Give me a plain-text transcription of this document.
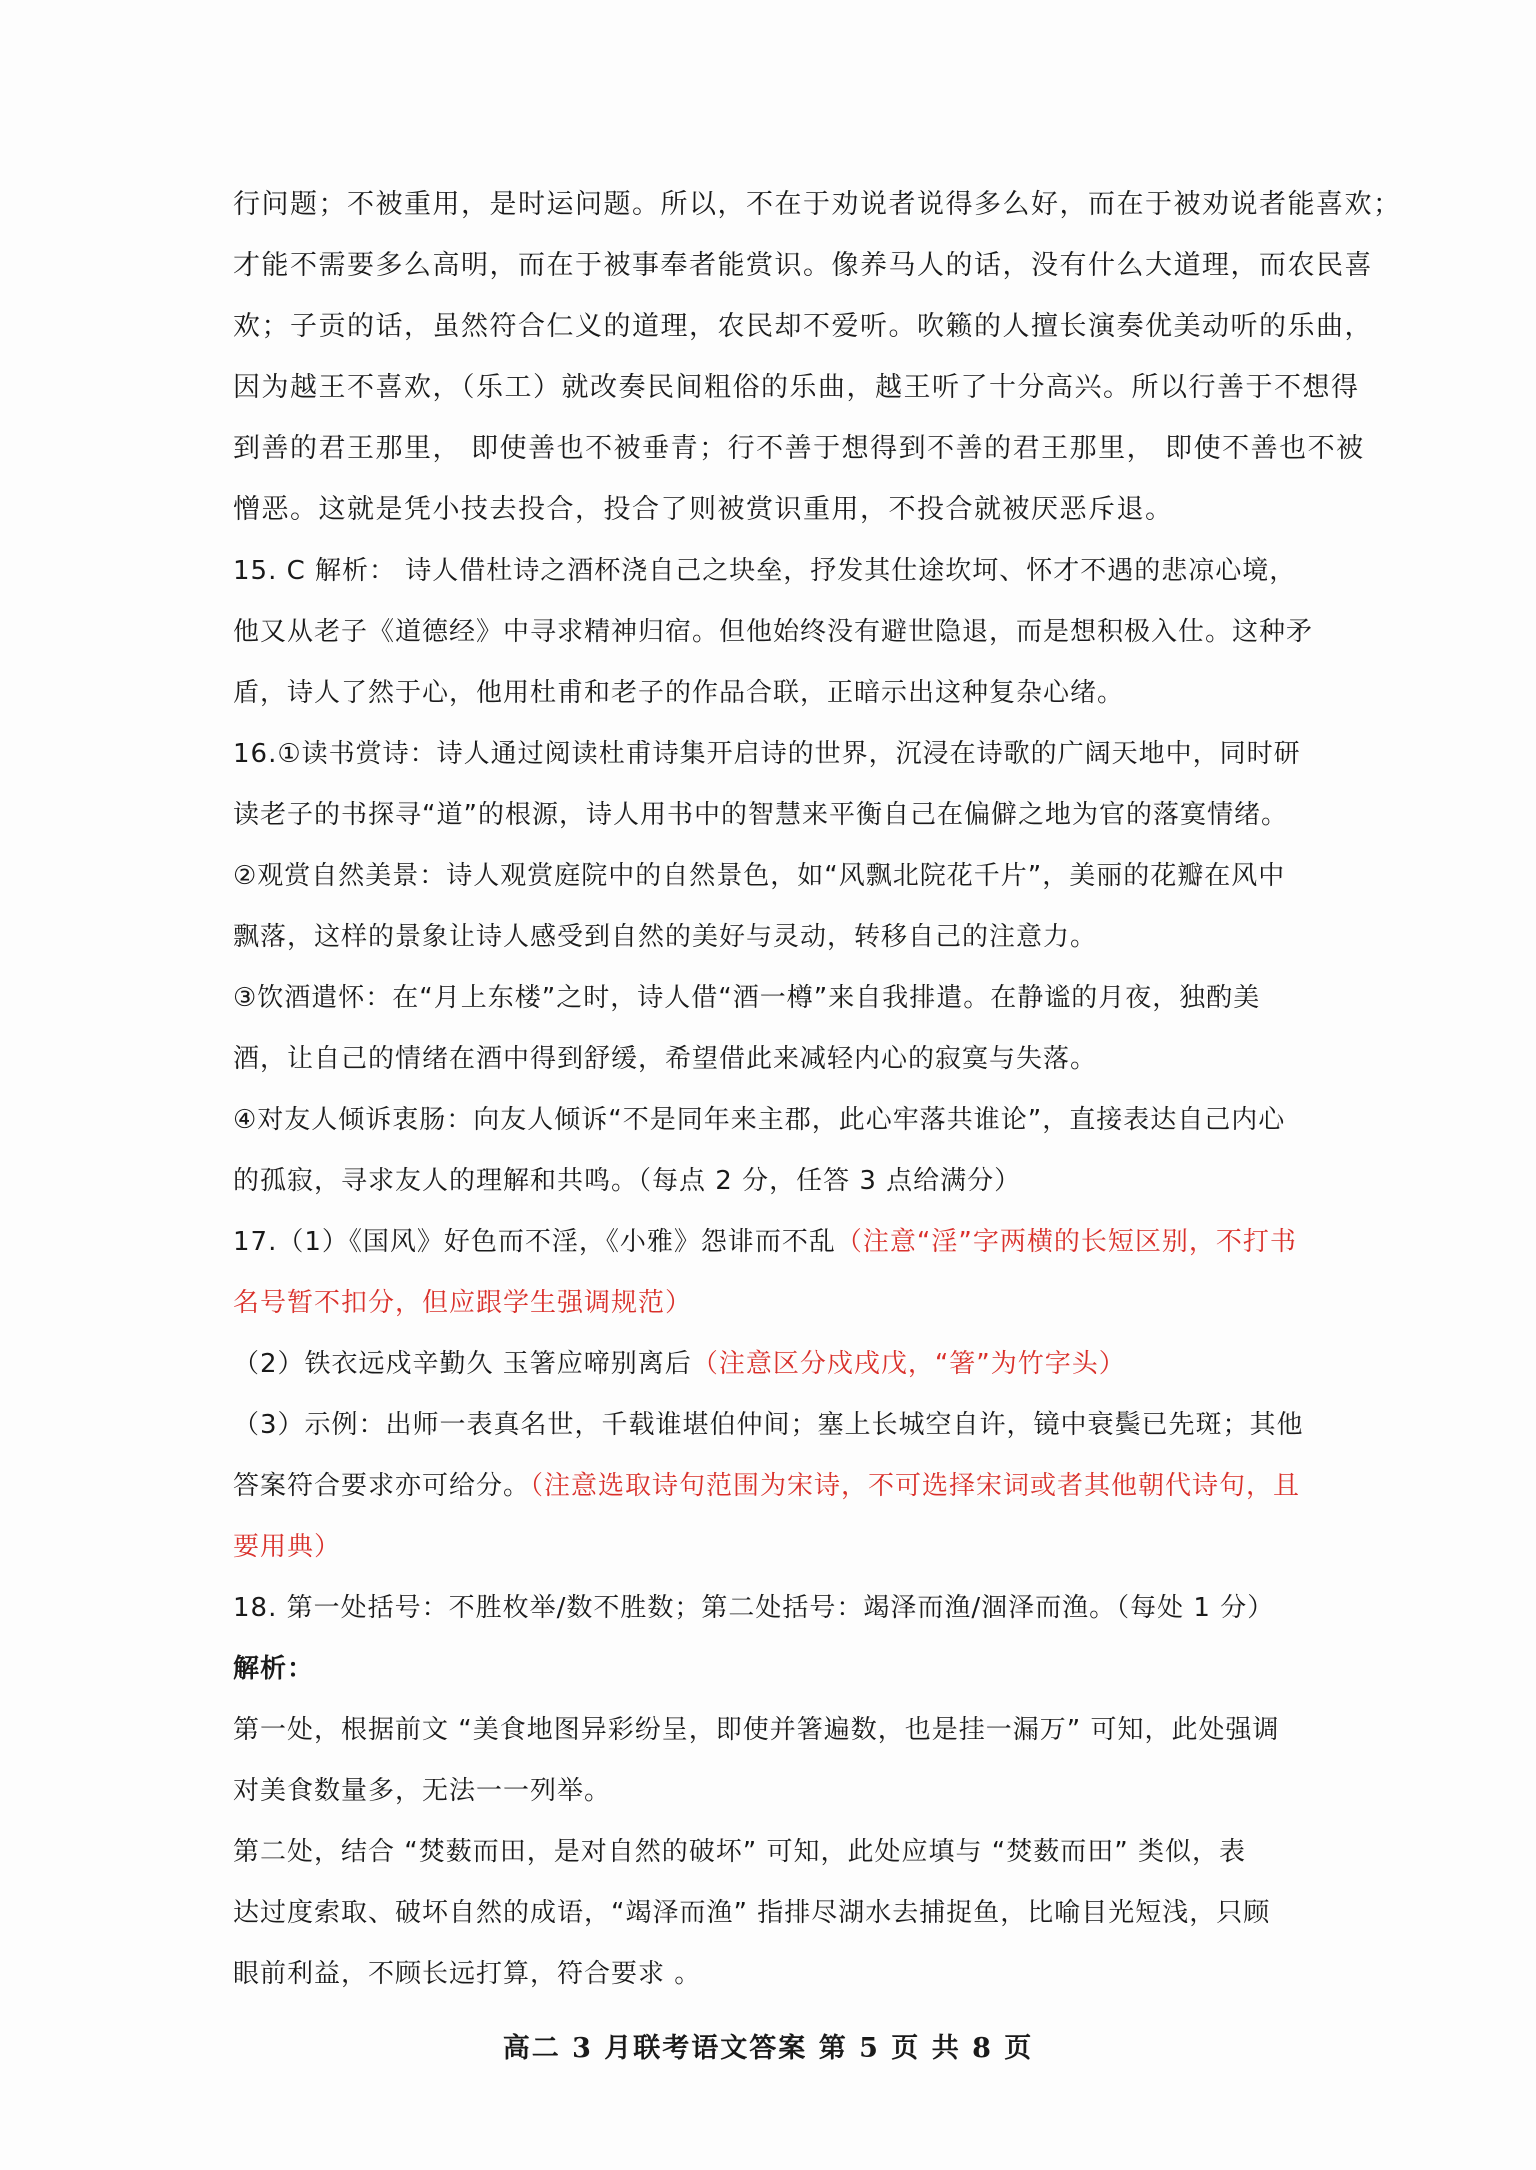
行问题；不被重用，是时运问题。所以，不在于劝说者说得多么好，而在于被劝说者能喜欢；
才能不需要多么高明，而在于被事奉者能赏识。像养马人的话，没有什么大道理，而农民喜
欢；子贡的话，虽然符合仁义的道理，农民却不爱听。吹籁的人擅长演奏优美动听的乐曲，
因为越王不喜欢，（乐工）就改奏民间粗俗的乐曲，越王听了十分高兴。所以行善于不想得
到善的君王那里， 即使善也不被垂青；行不善于想得到不善的君王那里， 即使不善也不被
憎恶。这就是凭小技去投合，投合了则被赏识重用，不投合就被厌恶斥退。
15. C 解析： 诗人借杜诗之酒杯浇自己之块垒，抒发其仕途坎坷、怀才不遇的悲凉心境，
他又从老子《道德经》中寻求精神归宿。但他始终没有避世隐退，而是想积极入仕。这种矛
盾，诗人了然于心，他用杜甫和老子的作品合联，正暗示出这种复杂心绪。
16.①读书赏诗：诗人通过阅读杜甫诗集开启诗的世界，沉浸在诗歌的广阔天地中，同时研
读老子的书探寻“道”的根源，诗人用书中的智慧来平衡自己在偏僻之地为官的落寞情绪。
②观赏自然美景：诗人观赏庭院中的自然景色，如“风飘北院花千片”，美丽的花瓣在风中
飘落，这样的景象让诗人感受到自然的美好与灵动，转移自己的注意力。
③饮酒遣怀：在“月上东楼”之时，诗人借“酒一樽”来自我排遣。在静谧的月夜，独酌美
酒，让自己的情绪在酒中得到舒缓，希望借此来减轻内心的寂寞与失落。
④对友人倾诉衷肠：向友人倾诉“不是同年来主郡，此心牢落共谁论”，直接表达自己内心
的孤寂，寻求友人的理解和共鸣。（每点 2 分，任答 3 点给满分）
17.（1）《国风》好色而不淫，《小雅》怨诽而不乱（注意“淫”字两横的长短区别，不打书
名号暂不扣分，但应跟学生强调规范）
（2）铁衣远戍辛勤久 玉箸应啼别离后（注意区分戍戌戊，“箸”为竹字头）
（3）示例：出师一表真名世，千载谁堪伯仲间；塞上长城空自许，镜中衰鬓已先斑；其他
答案符合要求亦可给分。（注意选取诗句范围为宋诗，不可选择宋词或者其他朝代诗句，且
要用典）
18. 第一处括号：不胜枚举/数不胜数；第二处括号：竭泽而渔/涸泽而渔。（每处 1 分）
解析：
第一处，根据前文 “美食地图异彩纷呈，即使并箸遍数，也是挂一漏万” 可知，此处强调
对美食数量多，无法一一列举。
第二处，结合 “焚薮而田，是对自然的破坏” 可知，此处应填与 “焚薮而田” 类似，表
达过度索取、破坏自然的成语，“竭泽而渔” 指排尽湖水去捕捉鱼，比喻目光短浅，只顾
眼前利益，不顾长远打算，符合要求 。
高二 3 月联考语文答案 第 5 页 共 8 页
